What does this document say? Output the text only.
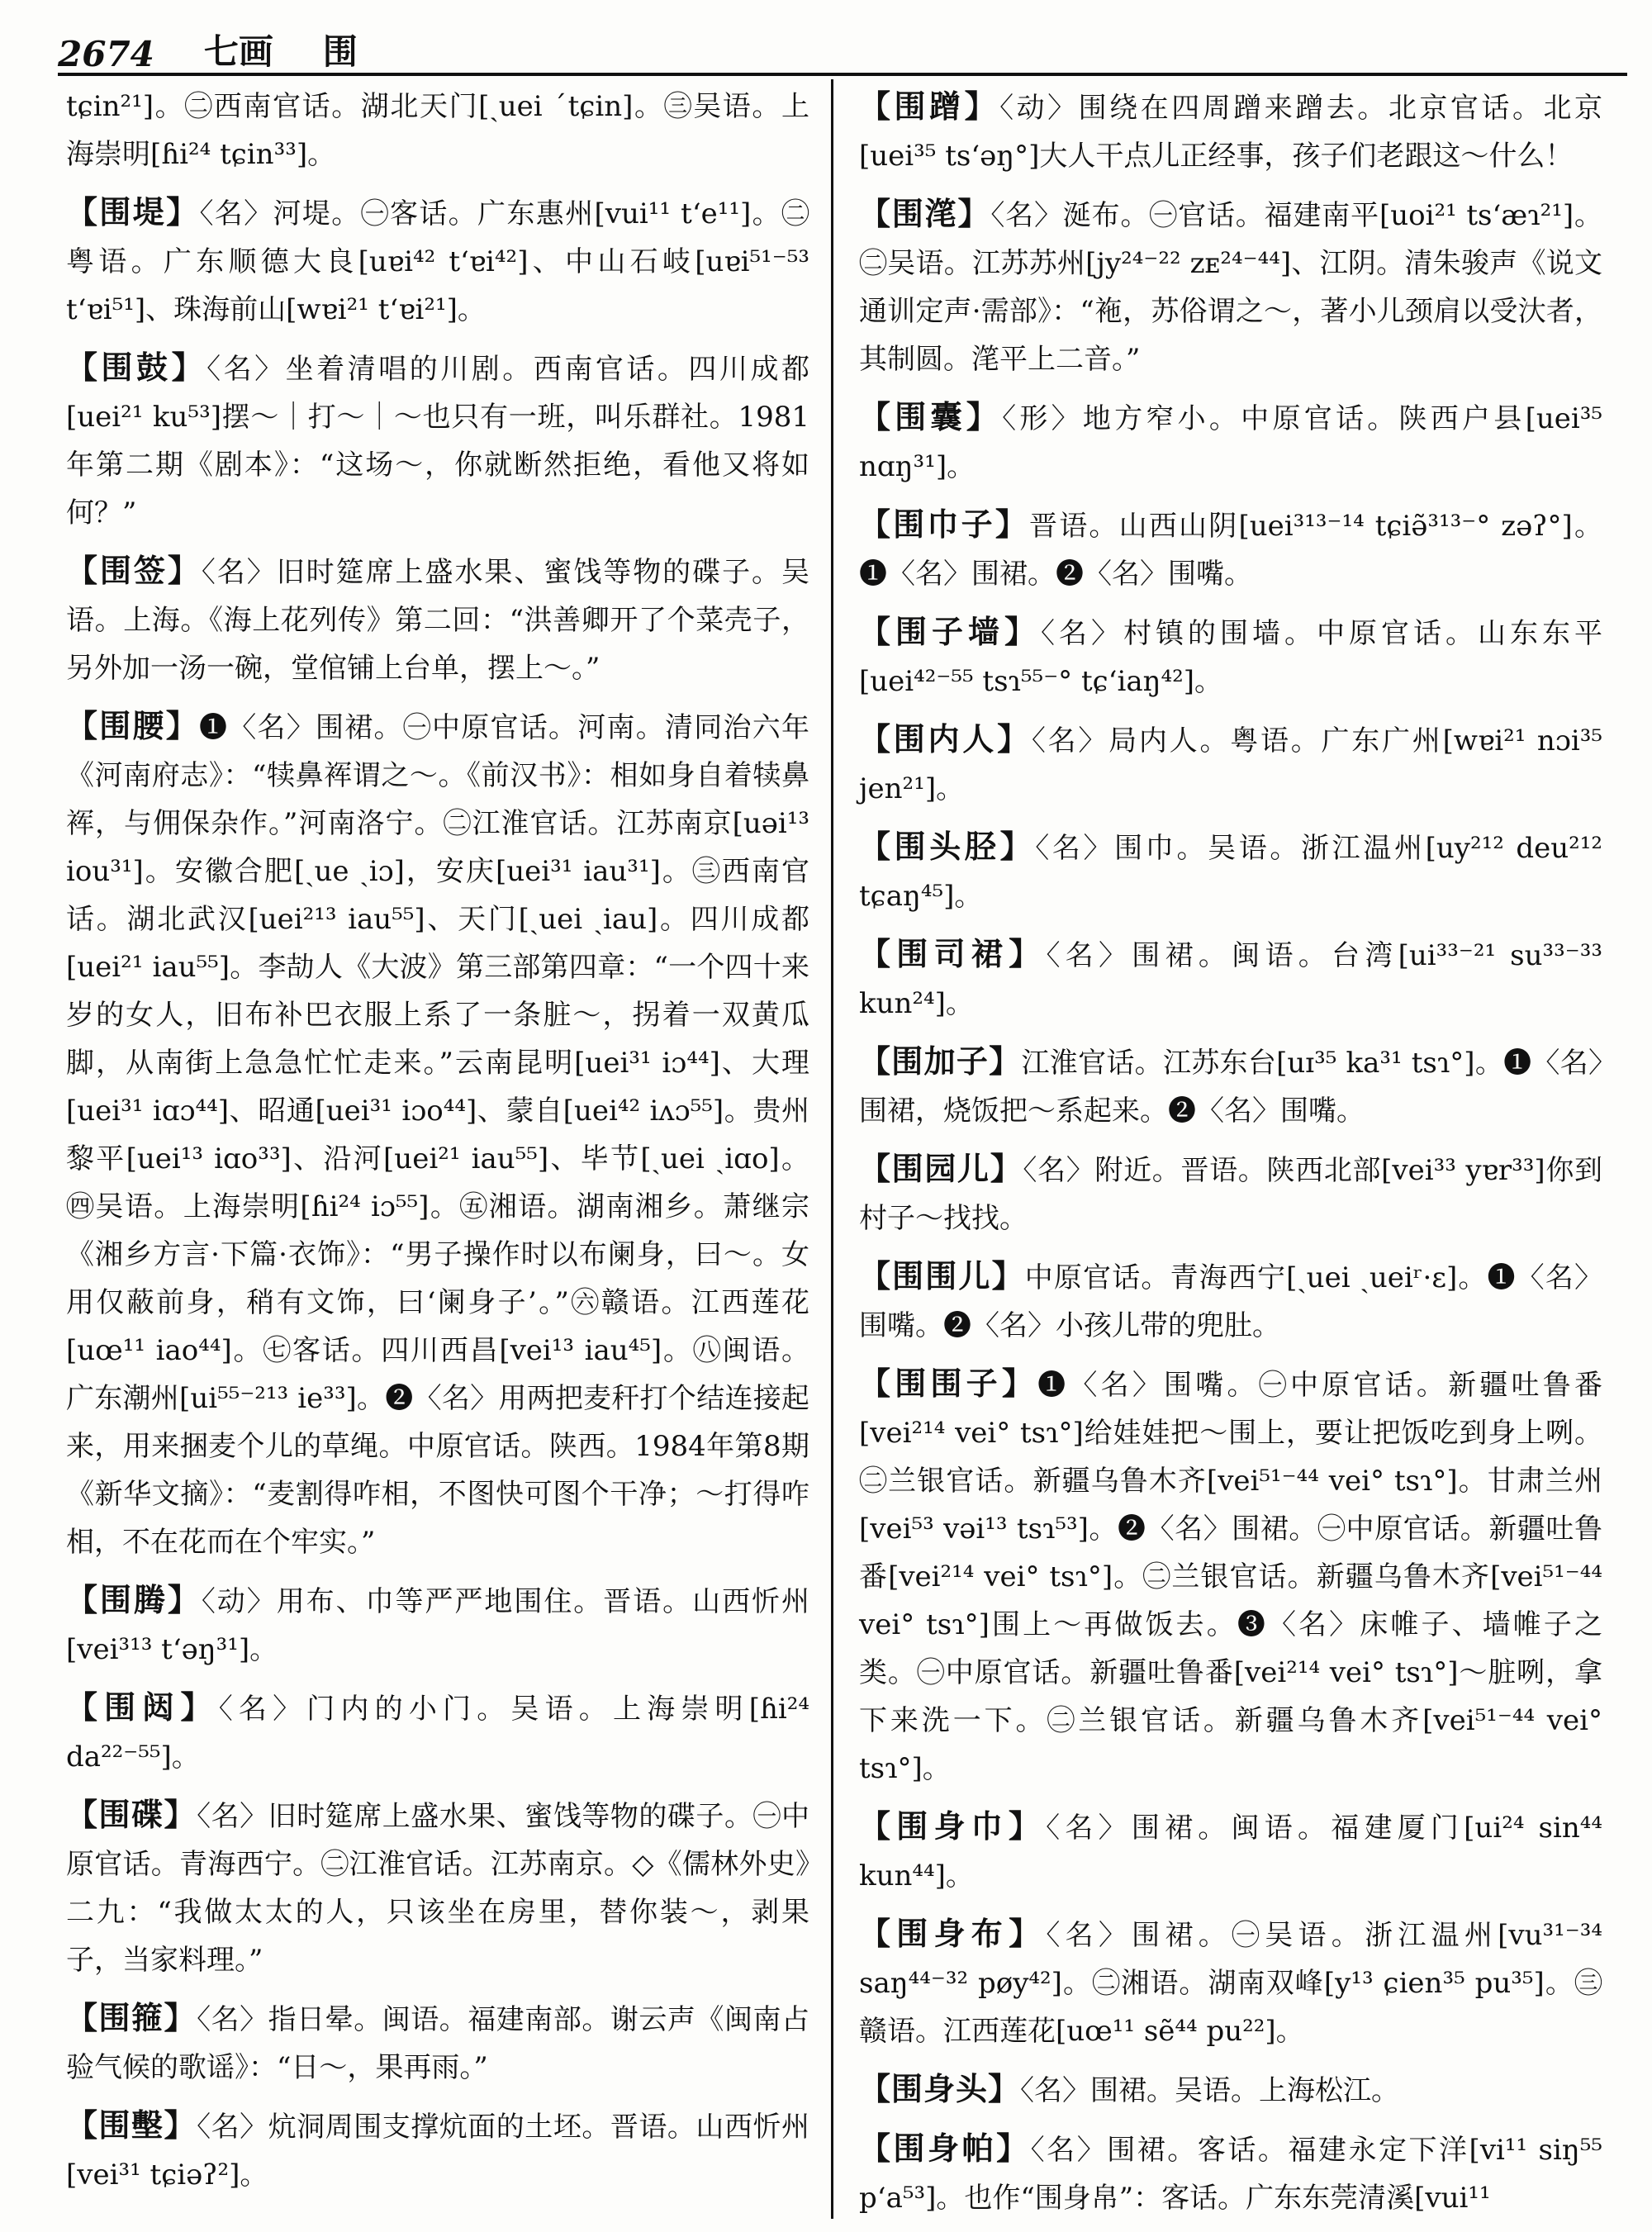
2674 七画 围
tɕin²¹]。㊁西南官话。湖北天门[ˏuei ˊtɕin]。㊂吴语。上海崇明[ɦi²⁴ tɕin³³]。
【围堤】〈名〉河堤。㊀客话。广东惠州[vui¹¹ tʻe¹¹]。㊁粤语。广东顺德大良[uɐi⁴² tʻɐi⁴²]、中山石岐[uɐi⁵¹⁻⁵³ tʻɐi⁵¹]、珠海前山[wɐi²¹ tʻɐi²¹]。
【围鼓】〈名〉坐着清唱的川剧。西南官话。四川成都[uei²¹ ku⁵³]摆～｜打～｜～也只有一班，叫乐群社。1981年第二期《剧本》：“这场～，你就断然拒绝，看他又将如何？”
【围签】〈名〉旧时筵席上盛水果、蜜饯等物的碟子。吴语。上海。《海上花列传》第二回：“洪善卿开了个菜壳子，另外加一汤一碗，堂倌铺上台单，摆上～。”
【围腰】❶〈名〉围裙。㊀中原官话。河南。清同治六年《河南府志》：“犊鼻裈谓之～。《前汉书》：相如身自着犊鼻裈，与佣保杂作。”河南洛宁。㊁江淮官话。江苏南京[uəi¹³ iou³¹]。安徽合肥[ˏue ˏiɔ]，安庆[uei³¹ iau³¹]。㊂西南官话。湖北武汉[uei²¹³ iau⁵⁵]、天门[ˏuei ˏiau]。四川成都[uei²¹ iau⁵⁵]。李劼人《大波》第三部第四章：“一个四十来岁的女人，旧布补巴衣服上系了一条脏～，拐着一双黄瓜脚，从南街上急急忙忙走来。”云南昆明[uei³¹ iɔ⁴⁴]、大理[uei³¹ iɑɔ⁴⁴]、昭通[uei³¹ iɔo⁴⁴]、蒙自[uei⁴² iʌɔ⁵⁵]。贵州黎平[uei¹³ iɑo³³]、沿河[uei²¹ iau⁵⁵]、毕节[ˏuei ˏiɑo]。㊃吴语。上海崇明[ɦi²⁴ iɔ⁵⁵]。㊄湘语。湖南湘乡。萧继宗《湘乡方言·下篇·衣饰》：“男子操作时以布阑身，曰～。女用仅蔽前身，稍有文饰，曰‘阑身子’。”㊅赣语。江西莲花[uœ¹¹ iao⁴⁴]。㊆客话。四川西昌[vei¹³ iau⁴⁵]。㊇闽语。广东潮州[ui⁵⁵⁻²¹³ ie³³]。❷〈名〉用两把麦秆打个结连接起来，用来捆麦个儿的草绳。中原官话。陕西。1984年第8期《新华文摘》：“麦割得咋相，不图快可图个干净；～打得咋相，不在花而在个牢实。”
【围腾】〈动〉用布、巾等严严地围住。晋语。山西忻州[vei³¹³ tʻəŋ³¹]。
【围闼】〈名〉门内的小门。吴语。上海崇明[ɦi²⁴ da²²⁻⁵⁵]。
【围碟】〈名〉旧时筵席上盛水果、蜜饯等物的碟子。㊀中原官话。青海西宁。㊁江淮官话。江苏南京。◇《儒林外史》二九：“我做太太的人，只该坐在房里，替你装～，剥果子，当家料理。”
【围箍】〈名〉指日晕。闽语。福建南部。谢云声《闽南占验气候的歌谣》：“日～，果再雨。”
【围墼】〈名〉炕洞周围支撑炕面的土坯。晋语。山西忻州[vei³¹ tɕiəʔ²]。
【围蹭】〈动〉围绕在四周蹭来蹭去。北京官话。北京[uei³⁵ tsʻəŋ°]大人干点儿正经事，孩子们老跟这～什么！
【围滗】〈名〉涎布。㊀官话。福建南平[uoi²¹ tsʻæɿ²¹]。㊁吴语。江苏苏州[jy²⁴⁻²² zᴇ²⁴⁻⁴⁴]、江阴。清朱骏声《说文通训定声·需部》：“袘，苏俗谓之～，著小儿颈肩以受汏者，其制圆。滗平上二音。”
【围囊】〈形〉地方窄小。中原官话。陕西户县[uei³⁵ nɑŋ³¹]。
【围巾子】晋语。山西山阴[uei³¹³⁻¹⁴ tɕiə̃³¹³⁻° zəʔ°]。❶〈名〉围裙。❷〈名〉围嘴。
【围子墙】〈名〉村镇的围墙。中原官话。山东东平[uei⁴²⁻⁵⁵ tsɿ⁵⁵⁻° tɕʻiaŋ⁴²]。
【围内人】〈名〉局内人。粤语。广东广州[wɐi²¹ nɔi³⁵ jen²¹]。
【围头胫】〈名〉围巾。吴语。浙江温州[uy²¹² deu²¹² tɕaŋ⁴⁵]。
【围司裙】〈名〉围裙。闽语。台湾[ui³³⁻²¹ su³³⁻³³ kun²⁴]。
【围加子】江淮官话。江苏东台[uɪ³⁵ ka³¹ tsɿ°]。❶〈名〉围裙，烧饭把～系起来。❷〈名〉围嘴。
【围园儿】〈名〉附近。晋语。陕西北部[vei³³ yɐr³³]你到村子～找找。
【围围儿】中原官话。青海西宁[ˏuei ˏueiʳ·ɛ]。❶〈名〉围嘴。❷〈名〉小孩儿带的兜肚。
【围围子】❶〈名〉围嘴。㊀中原官话。新疆吐鲁番[vei²¹⁴ vei° tsɿ°]给娃娃把～围上，要让把饭吃到身上咧。㊁兰银官话。新疆乌鲁木齐[vei⁵¹⁻⁴⁴ vei° tsɿ°]。甘肃兰州[vei⁵³ vəi¹³ tsɿ⁵³]。❷〈名〉围裙。㊀中原官话。新疆吐鲁番[vei²¹⁴ vei° tsɿ°]。㊁兰银官话。新疆乌鲁木齐[vei⁵¹⁻⁴⁴ vei° tsɿ°]围上～再做饭去。❸〈名〉床帷子、墙帷子之类。㊀中原官话。新疆吐鲁番[vei²¹⁴ vei° tsɿ°]～脏咧，拿下来洗一下。㊁兰银官话。新疆乌鲁木齐[vei⁵¹⁻⁴⁴ vei° tsɿ°]。
【围身巾】〈名〉围裙。闽语。福建厦门[ui²⁴ sin⁴⁴ kun⁴⁴]。
【围身布】〈名〉围裙。㊀吴语。浙江温州[vu³¹⁻³⁴ saŋ⁴⁴⁻³² pøy⁴²]。㊁湘语。湖南双峰[y¹³ ɕien³⁵ pu³⁵]。㊂赣语。江西莲花[uœ¹¹ sẽ⁴⁴ pu²²]。
【围身头】〈名〉围裙。吴语。上海松江。
【围身帕】〈名〉围裙。客话。福建永定下洋[vi¹¹ siŋ⁵⁵ pʻa⁵³]。也作“围身帛”：客话。广东东莞清溪[vui¹¹
